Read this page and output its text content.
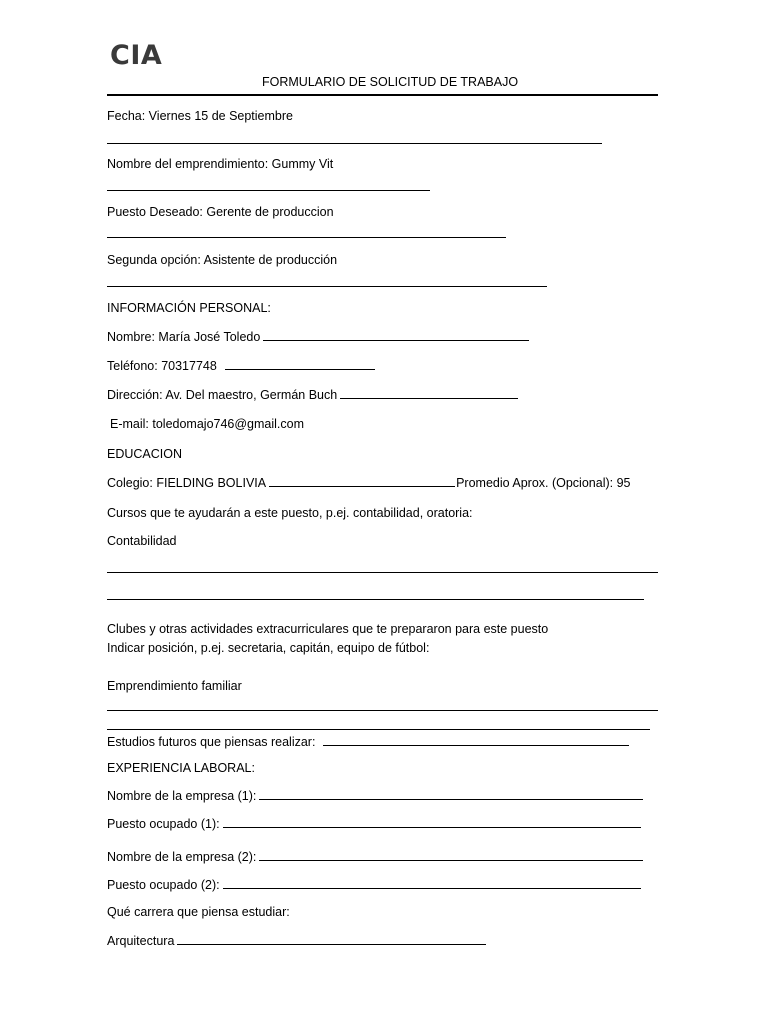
CIA
FORMULARIO DE SOLICITUD DE TRABAJO
Fecha: Viernes 15 de Septiembre
Nombre del emprendimiento: Gummy Vit
Puesto Deseado: Gerente de produccion
Segunda opción: Asistente de producción
INFORMACIÓN PERSONAL:
Nombre: María José Toledo
Teléfono: 70317748
Dirección: Av. Del maestro, Germán Buch
E-mail: toledomajo746@gmail.com
EDUCACION
Colegio: FIELDING BOLIVIA	Promedio Aprox. (Opcional): 95
Cursos que te ayudarán a este puesto, p.ej. contabilidad, oratoria:
Contabilidad
Clubes y otras actividades extracurriculares que te prepararon para este puesto
Indicar posición, p.ej. secretaria, capitán, equipo de fútbol:
Emprendimiento familiar
Estudios futuros que piensas realizar:
EXPERIENCIA LABORAL:
Nombre de la empresa (1):
Puesto ocupado (1):
Nombre de la empresa (2):
Puesto ocupado (2):
Qué carrera que piensa estudiar:
Arquitectura
